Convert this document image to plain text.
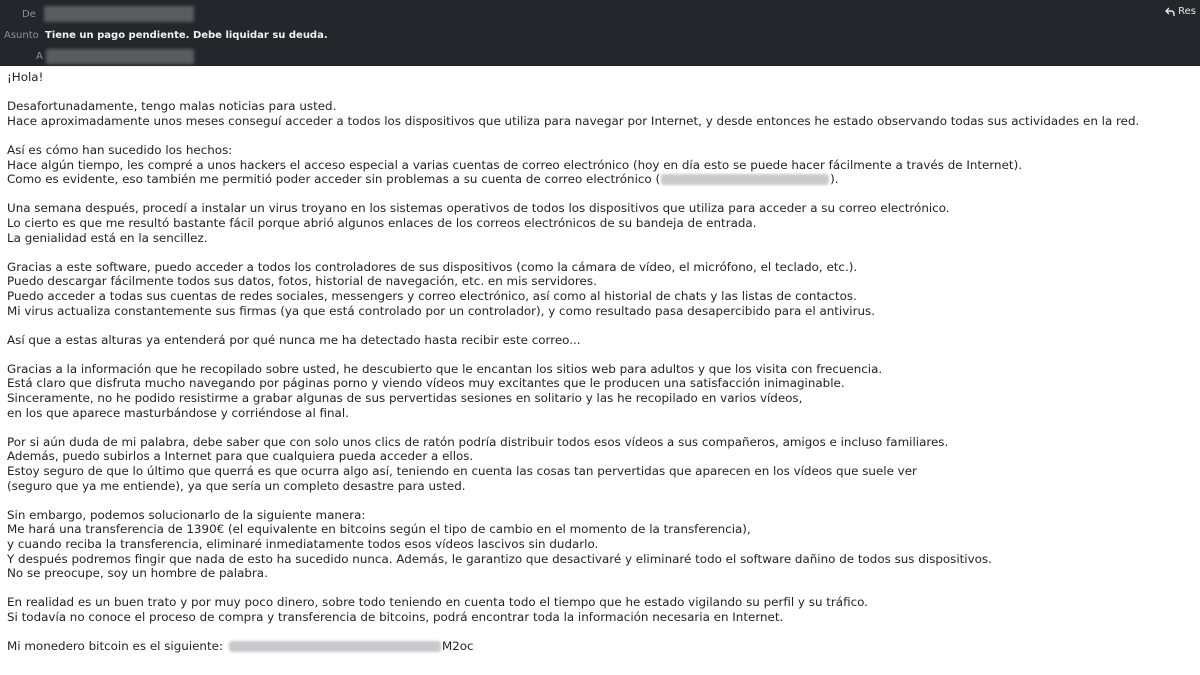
De
Asunto Tiene un pago pendiente. Debe liquidar su deuda.
A
Res
¡Hola!
Desafortunadamente, tengo malas noticias para usted.
Hace aproximadamente unos meses conseguí acceder a todos los dispositivos que utiliza para navegar por Internet, y desde entonces he estado observando todas sus actividades en la red.
Así es cómo han sucedido los hechos:
Hace algún tiempo, les compré a unos hackers el acceso especial a varias cuentas de correo electrónico (hoy en día esto se puede hacer fácilmente a través de Internet).
Como es evidente, eso también me permitió poder acceder sin problemas a su cuenta de correo electrónico (	).
Una semana después, procedí a instalar un virus troyano en los sistemas operativos de todos los dispositivos que utiliza para acceder a su correo electrónico.
Lo cierto es que me resultó bastante fácil porque abrió algunos enlaces de los correos electrónicos de su bandeja de entrada.
La genialidad está en la sencillez.
Gracias a este software, puedo acceder a todos los controladores de sus dispositivos (como la cámara de vídeo, el micrófono, el teclado, etc.).
Puedo descargar fácilmente todos sus datos, fotos, historial de navegación, etc. en mis servidores.
Puedo acceder a todas sus cuentas de redes sociales, messengers y correo electrónico, así como al historial de chats y las listas de contactos.
Mi virus actualiza constantemente sus firmas (ya que está controlado por un controlador), y como resultado pasa desapercibido para el antivirus.
Así que a estas alturas ya entenderá por qué nunca me ha detectado hasta recibir este correo...
Gracias a la información que he recopilado sobre usted, he descubierto que le encantan los sitios web para adultos y que los visita con frecuencia.
Está claro que disfruta mucho navegando por páginas porno y viendo vídeos muy excitantes que le producen una satisfacción inimaginable.
Sinceramente, no he podido resistirme a grabar algunas de sus pervertidas sesiones en solitario y las he recopilado en varios vídeos,
en los que aparece masturbándose y corriéndose al final.
Por si aún duda de mi palabra, debe saber que con solo unos clics de ratón podría distribuir todos esos vídeos a sus compañeros, amigos e incluso familiares.
Además, puedo subirlos a Internet para que cualquiera pueda acceder a ellos.
Estoy seguro de que lo último que querrá es que ocurra algo así, teniendo en cuenta las cosas tan pervertidas que aparecen en los vídeos que suele ver
(seguro que ya me entiende), ya que sería un completo desastre para usted.
Sin embargo, podemos solucionarlo de la siguiente manera:
Me hará una transferencia de 1390€ (el equivalente en bitcoins según el tipo de cambio en el momento de la transferencia),
y cuando reciba la transferencia, eliminaré inmediatamente todos esos vídeos lascivos sin dudarlo.
Y después podremos fingir que nada de esto ha sucedido nunca. Además, le garantizo que desactivaré y eliminaré todo el software dañino de todos sus dispositivos.
No se preocupe, soy un hombre de palabra.
En realidad es un buen trato y por muy poco dinero, sobre todo teniendo en cuenta todo el tiempo que he estado vigilando su perfil y su tráfico.
Si todavía no conoce el proceso de compra y transferencia de bitcoins, podrá encontrar toda la información necesaria en Internet.
Mi monedero bitcoin es el siguiente:	M2oc
